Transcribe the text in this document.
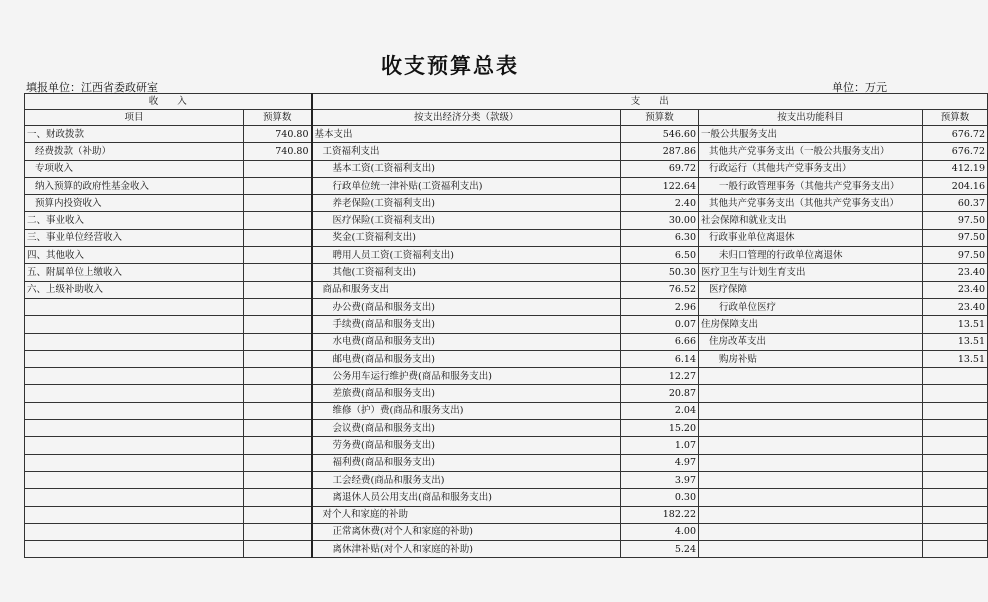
收支预算总表
填报单位：江西省委政研室	单位：万元
收　　入		支　　出			
项目	预算数	按支出经济分类（款级）	预算数	按支出功能科目	预算数
一、财政拨款	740.80	基本支出	546.60	一般公共服务支出	676.72
经费拨款（补助）	740.80	工资福利支出	287.86	其他共产党事务支出（一般公共服务支出）	676.72
专项收入		基本工资(工资福利支出)	69.72	行政运行（其他共产党事务支出）	412.19
纳入预算的政府性基金收入		行政单位统一津补贴(工资福利支出)	122.64	一般行政管理事务（其他共产党事务支出）	204.16
预算内投资收入		养老保险(工资福利支出)	2.40	其他共产党事务支出（其他共产党事务支出）	60.37
二、事业收入		医疗保险(工资福利支出)	30.00	社会保障和就业支出	97.50
三、事业单位经营收入		奖金(工资福利支出)	6.30	行政事业单位离退休	97.50
四、其他收入		聘用人员工资(工资福利支出)	6.50	未归口管理的行政单位离退休	97.50
五、附属单位上缴收入		其他(工资福利支出)	50.30	医疗卫生与计划生育支出	23.40
六、上级补助收入		商品和服务支出	76.52	医疗保障	23.40
		办公费(商品和服务支出)	2.96	行政单位医疗	23.40
		手续费(商品和服务支出)	0.07	住房保障支出	13.51
		水电费(商品和服务支出)	6.66	住房改革支出	13.51
		邮电费(商品和服务支出)	6.14	购房补贴	13.51
		公务用车运行维护费(商品和服务支出)	12.27		
		差旅费(商品和服务支出)	20.87		
		维修（护）费(商品和服务支出)	2.04		
		会议费(商品和服务支出)	15.20		
		劳务费(商品和服务支出)	1.07		
		福利费(商品和服务支出)	4.97		
		工会经费(商品和服务支出)	3.97		
		离退休人员公用支出(商品和服务支出)	0.30		
		对个人和家庭的补助	182.22		
		正常离休费(对个人和家庭的补助)	4.00		
		离休津补贴(对个人和家庭的补助)	5.24		
